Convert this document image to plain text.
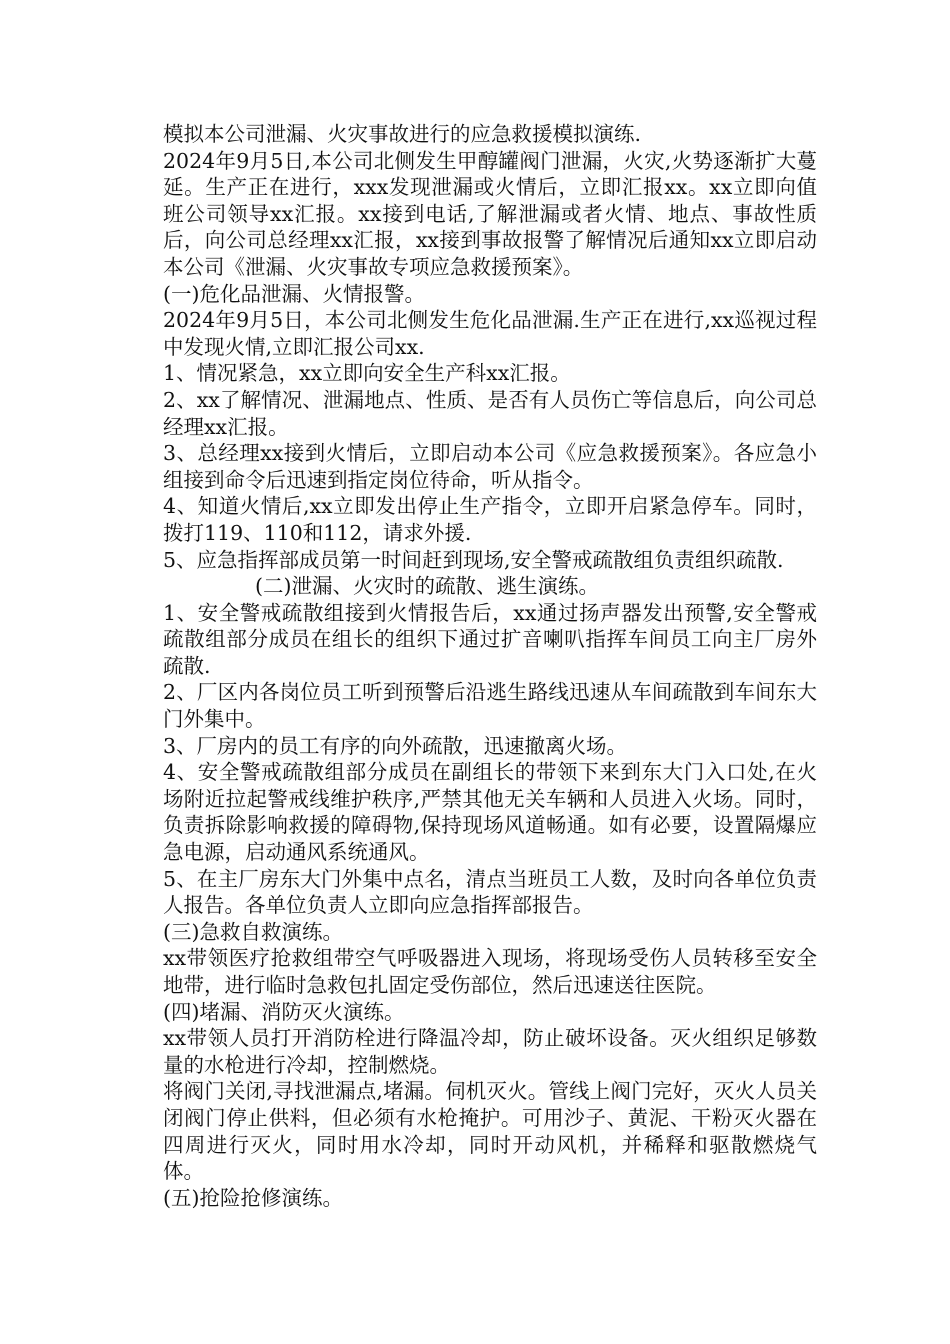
模拟本公司泄漏、火灾事故进行的应急救援模拟演练.

2024年9月5日,本公司北侧发生甲醇罐阀门泄漏，火灾,火势逐渐扩大蔓延。生产正在进行，xxx发现泄漏或火情后，立即汇报xx。xx立即向值班公司领导xx汇报。xx接到电话,了解泄漏或者火情、地点、事故性质后，向公司总经理xx汇报，xx接到事故报警了解情况后通知xx立即启动本公司《泄漏、火灾事故专项应急救援预案》。

(一)危化品泄漏、火情报警。

2024年9月5日，本公司北侧发生危化品泄漏.生产正在进行,xx巡视过程中发现火情,立即汇报公司xx.

1、情况紧急，xx立即向安全生产科xx汇报。

2、xx了解情况、泄漏地点、性质、是否有人员伤亡等信息后，向公司总经理xx汇报。

3、总经理xx接到火情后，立即启动本公司《应急救援预案》。各应急小组接到命令后迅速到指定岗位待命，听从指令。

4、知道火情后,xx立即发出停止生产指令，立即开启紧急停车。同时，拨打119、110和112，请求外援.

5、应急指挥部成员第一时间赶到现场,安全警戒疏散组负责组织疏散.

(二)泄漏、火灾时的疏散、逃生演练。

1、安全警戒疏散组接到火情报告后，xx通过扬声器发出预警,安全警戒疏散组部分成员在组长的组织下通过扩音喇叭指挥车间员工向主厂房外疏散.

2、厂区内各岗位员工听到预警后沿逃生路线迅速从车间疏散到车间东大门外集中。

3、厂房内的员工有序的向外疏散，迅速撤离火场。

4、安全警戒疏散组部分成员在副组长的带领下来到东大门入口处,在火场附近拉起警戒线维护秩序,严禁其他无关车辆和人员进入火场。同时，负责拆除影响救援的障碍物,保持现场风道畅通。如有必要，设置隔爆应急电源，启动通风系统通风。

5、在主厂房东大门外集中点名，清点当班员工人数，及时向各单位负责人报告。各单位负责人立即向应急指挥部报告。

(三)急救自救演练。

xx带领医疗抢救组带空气呼吸器进入现场，将现场受伤人员转移至安全地带，进行临时急救包扎固定受伤部位，然后迅速送往医院。

(四)堵漏、消防灭火演练。

xx带领人员打开消防栓进行降温冷却，防止破坏设备。灭火组织足够数量的水枪进行冷却，控制燃烧。

将阀门关闭,寻找泄漏点,堵漏。伺机灭火。管线上阀门完好，灭火人员关闭阀门停止供料，但必须有水枪掩护。可用沙子、黄泥、干粉灭火器在四周进行灭火，同时用水冷却，同时开动风机，并稀释和驱散燃烧气体。

(五)抢险抢修演练。
